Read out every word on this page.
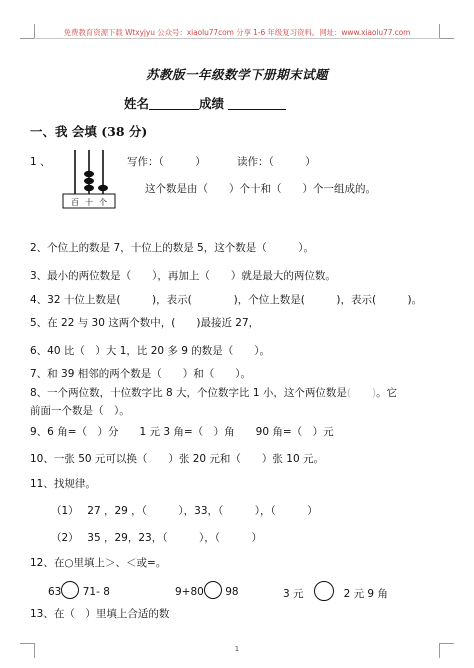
免费教育资源下载 Wtxyjyu 公众号：xiaolu77com 分享 1-6 年级复习资料。网址：www.xiaolu77.com
苏教版一年级数学下册期末试题
姓名	成绩
一、我 会填 (38 分)
1 、
百 十 个
写作：（　　　）	读作：（　　　）
这个数是由（　　）个十和（　　）个一组成的。
2、个位上的数是 7，十位上的数是 5，这个数是（　　　）。
3、最小的两位数是（　　），再加上（　　）就是最大的两位数。
4、32 十位上数是(　　　)，表示(　　　　)，个位上数是(　　　)，表示(　　　)。
5、在 22 与 30 这两个数中，(　　)最接近 27，
6、40 比（　）大 1，比 20 多 9 的数是（　　）。
7、和 39 相邻的两个数是（　　）和（　　）。
8、一个两位数，十位数字比 8 大，个位数字比 1 小，这个两位数是(　　)。它
前面一个数是（　）。
9、6 角=（　）分　　1 元 3 角=（　）角　　90 角=（　）元
10、一张 50 元可以换（　　）张 20 元和（　　）张 10 元。
11、找规律。
（1）　 27 ，29 ，（　　　），33，（　　　），（　　　）
（2）　 35 ，29，23，（　　　），（　　　）
12、在○里填上＞、＜或=。
63 71- 8	9+80 98	3 元	2 元 9 角
13、在（　）里填上合适的数
1
